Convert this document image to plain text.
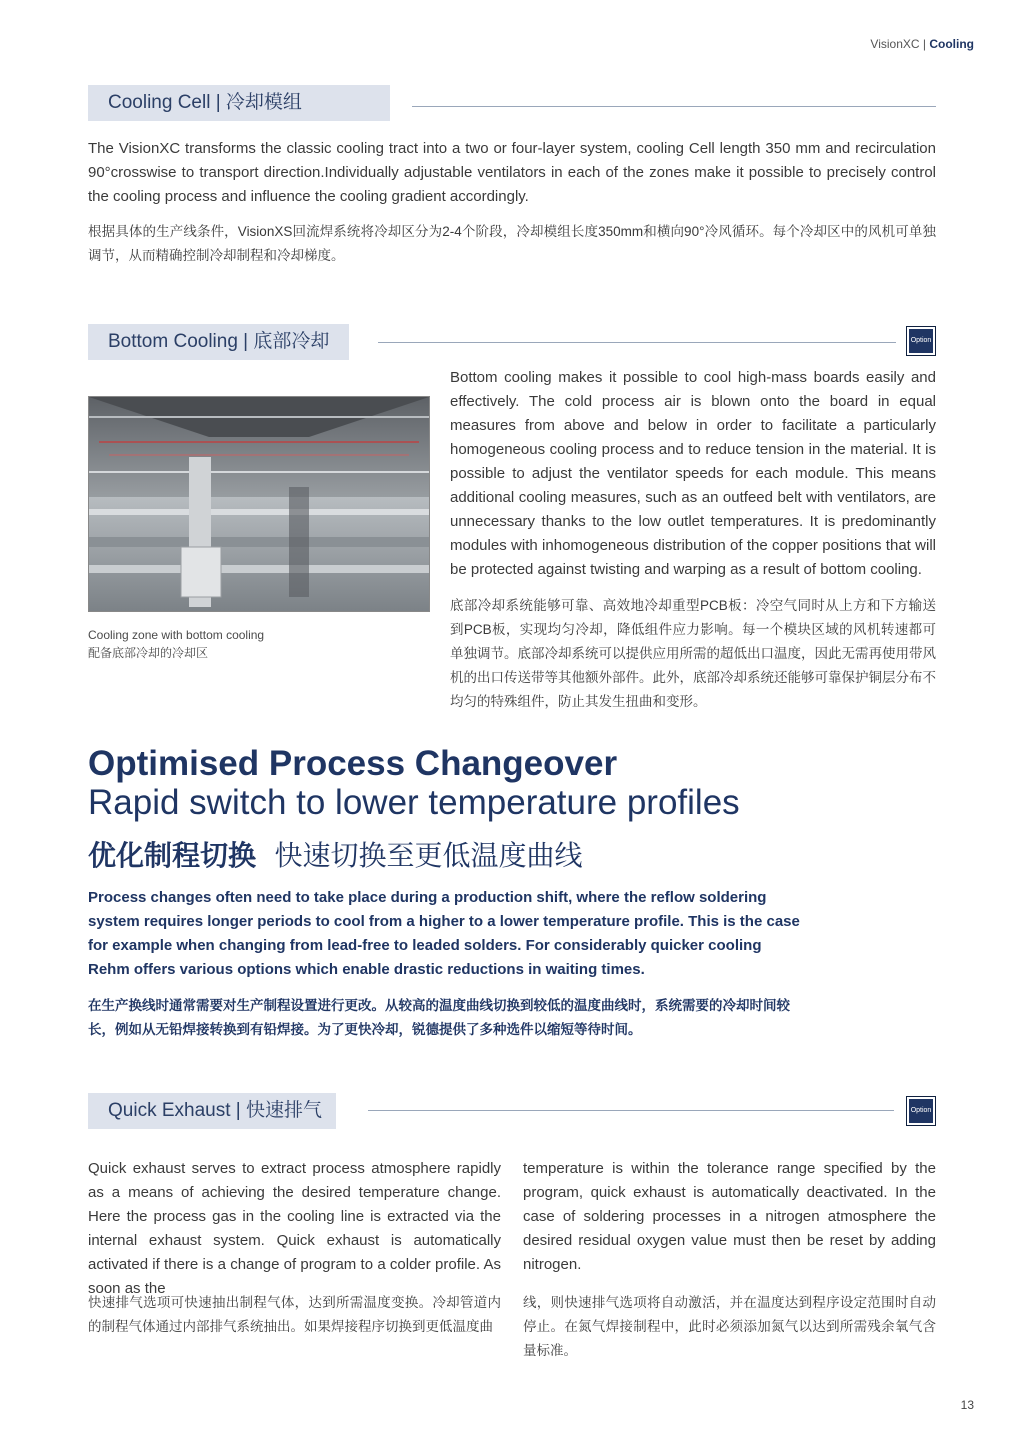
VisionXC | Cooling
Cooling Cell | 冷却模组

The VisionXC transforms the classic cooling tract into a two or four-layer system, cooling Cell length 350 mm and recirculation 90°crosswise to transport direction.Individually adjustable ventilators in each of the zones make it possible to precisely control the cooling process and influence the cooling gradient accordingly.

根据具体的生产线条件，VisionXS回流焊系统将冷却区分为2-4个阶段，冷却模组长度350mm和横向90°冷风循环。每个冷却区中的风机可单独调节，从而精确控制冷却制程和冷却梯度。

Bottom Cooling | 底部冷却	Option
Cooling zone with bottom cooling
配备底部冷却的冷却区

Bottom cooling makes it possible to cool high-mass boards easily and effectively. The cold process air is blown onto the board in equal measures from above and below in order to facilitate a particularly homogeneous cooling process and to reduce tension in the material. It is possible to adjust the ventilator speeds for each module. This means additional cooling measures, such as an outfeed belt with ventilators, are unnecessary thanks to the low outlet temperatures. It is predominantly modules with inhomogeneous distribution of the copper positions that will be protected against twisting and warping as a result of bottom cooling.

底部冷却系统能够可靠、高效地冷却重型PCB板：冷空气同时从上方和下方输送到PCB板，实现均匀冷却，降低组件应力影响。每一个模块区域的风机转速都可单独调节。底部冷却系统可以提供应用所需的超低出口温度，因此无需再使用带风机的出口传送带等其他额外部件。此外，底部冷却系统还能够可靠保护铜层分布不均匀的特殊组件，防止其发生扭曲和变形。

Optimised Process Changeover
Rapid switch to lower temperature profiles
优化制程切换 快速切换至更低温度曲线

Process changes often need to take place during a production shift, where the reflow soldering system requires longer periods to cool from a higher to a lower temperature profile. This is the case for example when changing from lead-free to leaded solders. For considerably quicker cooling Rehm offers various options which enable drastic reductions in waiting times.

在生产换线时通常需要对生产制程设置进行更改。从较高的温度曲线切换到较低的温度曲线时，系统需要的冷却时间较长，例如从无铅焊接转换到有铅焊接。为了更快冷却，锐德提供了多种选件以缩短等待时间。

Quick Exhaust | 快速排气	Option

Quick exhaust serves to extract process atmosphere rapidly as a means of achieving the desired temperature change. Here the process gas in the cooling line is extracted via the internal exhaust system. Quick exhaust is automatically activated if there is a change of program to a colder profile. As soon as the

temperature is within the tolerance range specified by the program, quick exhaust is automatically deactivated. In the case of soldering processes in a nitrogen atmosphere the desired residual oxygen value must then be reset by adding nitrogen.

快速排气选项可快速抽出制程气体，达到所需温度变换。冷却管道内的制程气体通过内部排气系统抽出。如果焊接程序切换到更低温度曲

线，则快速排气选项将自动激活，并在温度达到程序设定范围时自动停止。在氮气焊接制程中，此时必须添加氮气以达到所需残余氧气含量标准。

13
